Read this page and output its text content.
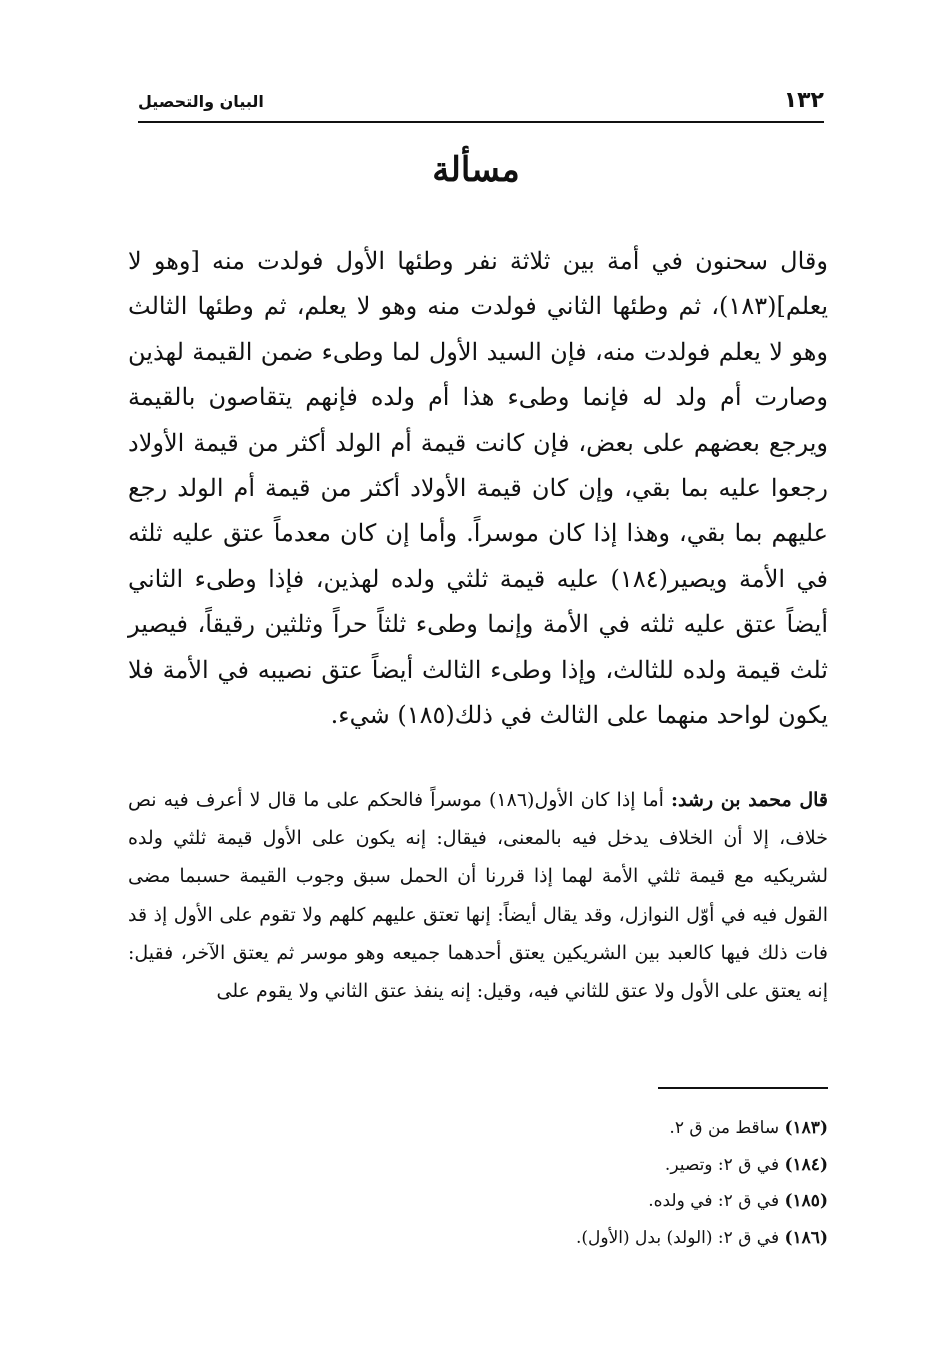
١٣٢
البيان والتحصيل
مسألة

وقال سحنون في أمة بين ثلاثة نفر وطئها الأول فولدت منه [وهو لا يعلم](١٨٣)، ثم وطئها الثاني فولدت منه وهو لا يعلم، ثم وطئها الثالث وهو لا يعلم فولدت منه، فإن السيد الأول لما وطىء ضمن القيمة لهذين وصارت أم ولد له فإنما وطىء هذا أم ولده فإنهم يتقاصون بالقيمة ويرجع بعضهم على بعض، فإن كانت قيمة أم الولد أكثر من قيمة الأولاد رجعوا عليه بما بقي، وإن كان قيمة الأولاد أكثر من قيمة أم الولد رجع عليهم بما بقي، وهذا إذا كان موسراً. وأما إن كان معدماً عتق عليه ثلثه في الأمة ويصير(١٨٤) عليه قيمة ثلثي ولده لهذين، فإذا وطىء الثاني أيضاً عتق عليه ثلثه في الأمة وإنما وطىء ثلثاً حراً وثلثين رقيقاً، فيصير ثلث قيمة ولده للثالث، وإذا وطىء الثالث أيضاً عتق نصيبه في الأمة فلا يكون لواحد منهما على الثالث في ذلك(١٨٥) شيء.

قال محمد بن رشد: أما إذا كان الأول(١٨٦) موسراً فالحكم على ما قال لا أعرف فيه نص خلاف، إلا أن الخلاف يدخل فيه بالمعنى، فيقال: إنه يكون على الأول قيمة ثلثي ولده لشريكيه مع قيمة ثلثي الأمة لهما إذا قررنا أن الحمل سبق وجوب القيمة حسبما مضى القول فيه في أوّل النوازل، وقد يقال أيضاً: إنها تعتق عليهم كلهم ولا تقوم على الأول إذ قد فات ذلك فيها كالعبد بين الشريكين يعتق أحدهما جميعه وهو موسر ثم يعتق الآخر، فقيل: إنه يعتق على الأول ولا عتق للثاني فيه، وقيل: إنه ينفذ عتق الثاني ولا يقوم على

(١٨٣) ساقط من ق ٢.
(١٨٤) في ق ٢: وتصير.
(١٨٥) في ق ٢: في ولده.
(١٨٦) في ق ٢: (الولد) بدل (الأول).
